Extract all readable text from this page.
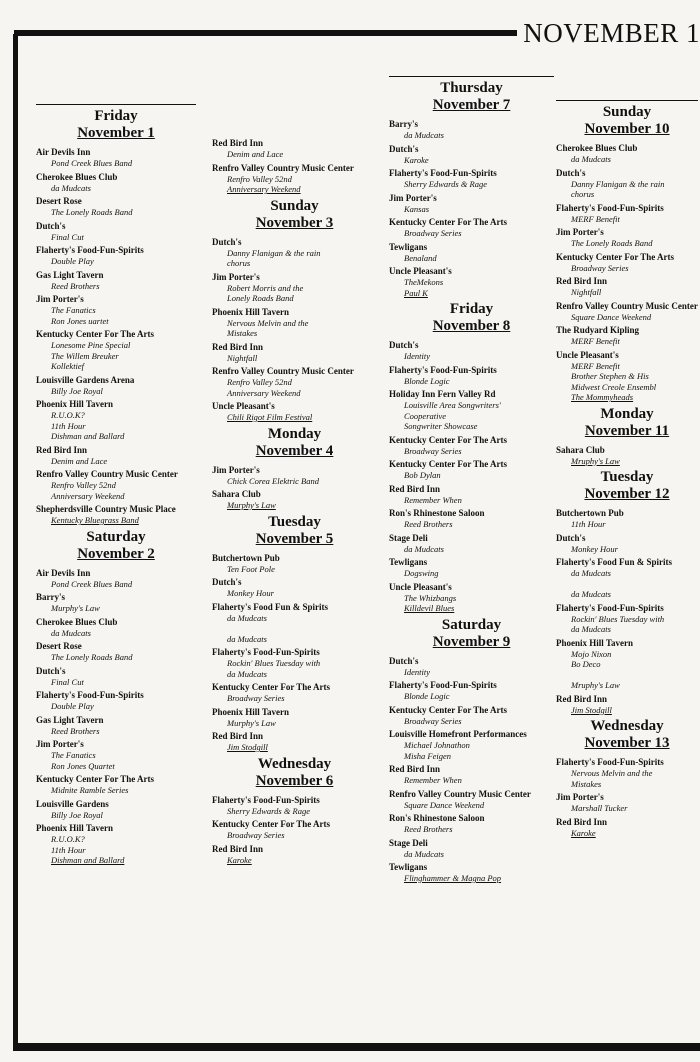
NOVEMBER 1
Friday
November 1
Air Devils Inn
Pond Creek Blues Band
Cherokee Blues Club
da Mudcats
Desert Rose
The Lonely Roads Band
Dutch's
Final Cut
Flaherty's Food-Fun-Spirits
Double Play
Gas Light Tavern
Reed Brothers
Jim Porter's
The Fanatics
Ron Jones uartet
Kentucky Center For The Arts
Lonesome Pine Special
The Willem Breuker
Kollektief
Louisville Gardens Arena
Billy Joe Royal
Phoenix Hill Tavern
R.U.O.K?
11th Hour
Dishman and Ballard
Red Bird Inn
Denim and Lace
Renfro Valley Country Music Center
Renfro Valley 52nd
Anniversary Weekend
Shepherdsville Country Music Place
Kentucky Bluegrass Band
Saturday
November 2
Air Devils Inn
Pond Creek Blues Band
Barry's
Murphy's Law
Cherokee Blues Club
da Mudcats
Desert Rose
The Lonely Roads Band
Dutch's
Final Cut
Flaherty's Food-Fun-Spirits
Double Play
Gas Light Tavern
Reed Brothers
Jim Porter's
The Fanatics
Ron Jones Quartet
Kentucky Center For The Arts
Midnite Ramble Series
Louisville Gardens
Billy Joe Royal
Phoenix Hill Tavern
R.U.O.K?
11th Hour
Dishman and Ballard
Red Bird Inn
Denim and Lace
Renfro Valley Country Music Center
Renfro Valley 52nd
Anniversary Weekend
Sunday
November 3
Dutch's
Danny Flanigan & the rain
chorus
Jim Porter's
Robert Morris and the
Lonely Roads Band
Phoenix Hill Tavern
Nervous Melvin and the
Mistakes
Red Bird Inn
Nightfall
Renfro Valley Country Music Center
Renfro Valley 52nd
Anniversary Weekend
Uncle Pleasant's
Chili Rigot Film Festival
Monday
November 4
Jim Porter's
Chick Corea Elektric Band
Sahara Club
Murphy's Law
Tuesday
November 5
Butchertown Pub
Ten Foot Pole
Dutch's
Monkey Hour
Flaherty's Food Fun & Spirits
da Mudcats

da Mudcats
Flaherty's Food-Fun-Spirits
Rockin' Blues Tuesday with
da Mudcats
Kentucky Center For The Arts
Broadway Series
Phoenix Hill Tavern
Murphy's Law
Red Bird Inn
Jim Stodgill
Wednesday
November 6
Flaherty's Food-Fun-Spirits
Sherry Edwards & Rage
Kentucky Center For The Arts
Broadway Series
Red Bird Inn
Karoke
Thursday
November 7
Barry's
da Mudcats
Dutch's
Karoke
Flaherty's Food-Fun-Spirits
Sherry Edwards & Rage
Jim Porter's
Kansas
Kentucky Center For The Arts
Broadway Series
Tewligans
Benaland
Uncle Pleasant's
TheMekons
Paul K
Friday
November 8
Dutch's
Identity
Flaherty's Food-Fun-Spirits
Blonde Logic
Holiday Inn Fern Valley Rd
Louisville Area Songwriters'
Cooperative
Songwriter Showcase
Kentucky Center For The Arts
Broadway Series
Kentucky Center For The Arts
Bob Dylan
Red Bird Inn
Remember When
Ron's Rhinestone Saloon
Reed Brothers
Stage Deli
da Mudcats
Tewligans
Dogswing
Uncle Pleasant's
The Whizbangs
Killdevil Blues
Saturday
November 9
Dutch's
Identity
Flaherty's Food-Fun-Spirits
Blonde Logic
Kentucky Center For The Arts
Broadway Series
Louisville Homefront Performances
Michael Johnathon
Misha Feigen
Red Bird Inn
Remember When
Renfro Valley Country Music Center
Square Dance Weekend
Ron's Rhinestone Saloon
Reed Brothers
Stage Deli
da Mudcats
Tewligans
Flinghammer & Magna Pop
Sunday
November 10
Cherokee Blues Club
da Mudcats
Dutch's
Danny Flanigan & the rain
chorus
Flaherty's Food-Fun-Spirits
MERF Benefit
Jim Porter's
The Lonely Roads Band
Kentucky Center For The Arts
Broadway Series
Red Bird Inn
Nightfall
Renfro Valley Country Music Center
Square Dance Weekend
The Rudyard Kipling
MERF Benefit
Uncle Pleasant's
MERF Benefit
Brother Stephen & His
Midwest Creole Ensembl
The Mommyheads
Monday
November 11
Sahara Club
Mruphy's Law
Tuesday
November 12
Butchertown Pub
11th Hour
Dutch's
Monkey Hour
Flaherty's Food Fun & Spirits
da Mudcats

da Mudcats
Flaherty's Food-Fun-Spirits
Rockin' Blues Tuesday with
da Mudcats
Phoenix Hill Tavern
Mojo Nixon
Bo Deco

Mruphy's Law
Red Bird Inn
Jim Stodgill
Wednesday
November 13
Flaherty's Food-Fun-Spirits
Nervous Melvin and the
Mistakes
Jim Porter's
Marshall Tucker
Red Bird Inn
Karoke
